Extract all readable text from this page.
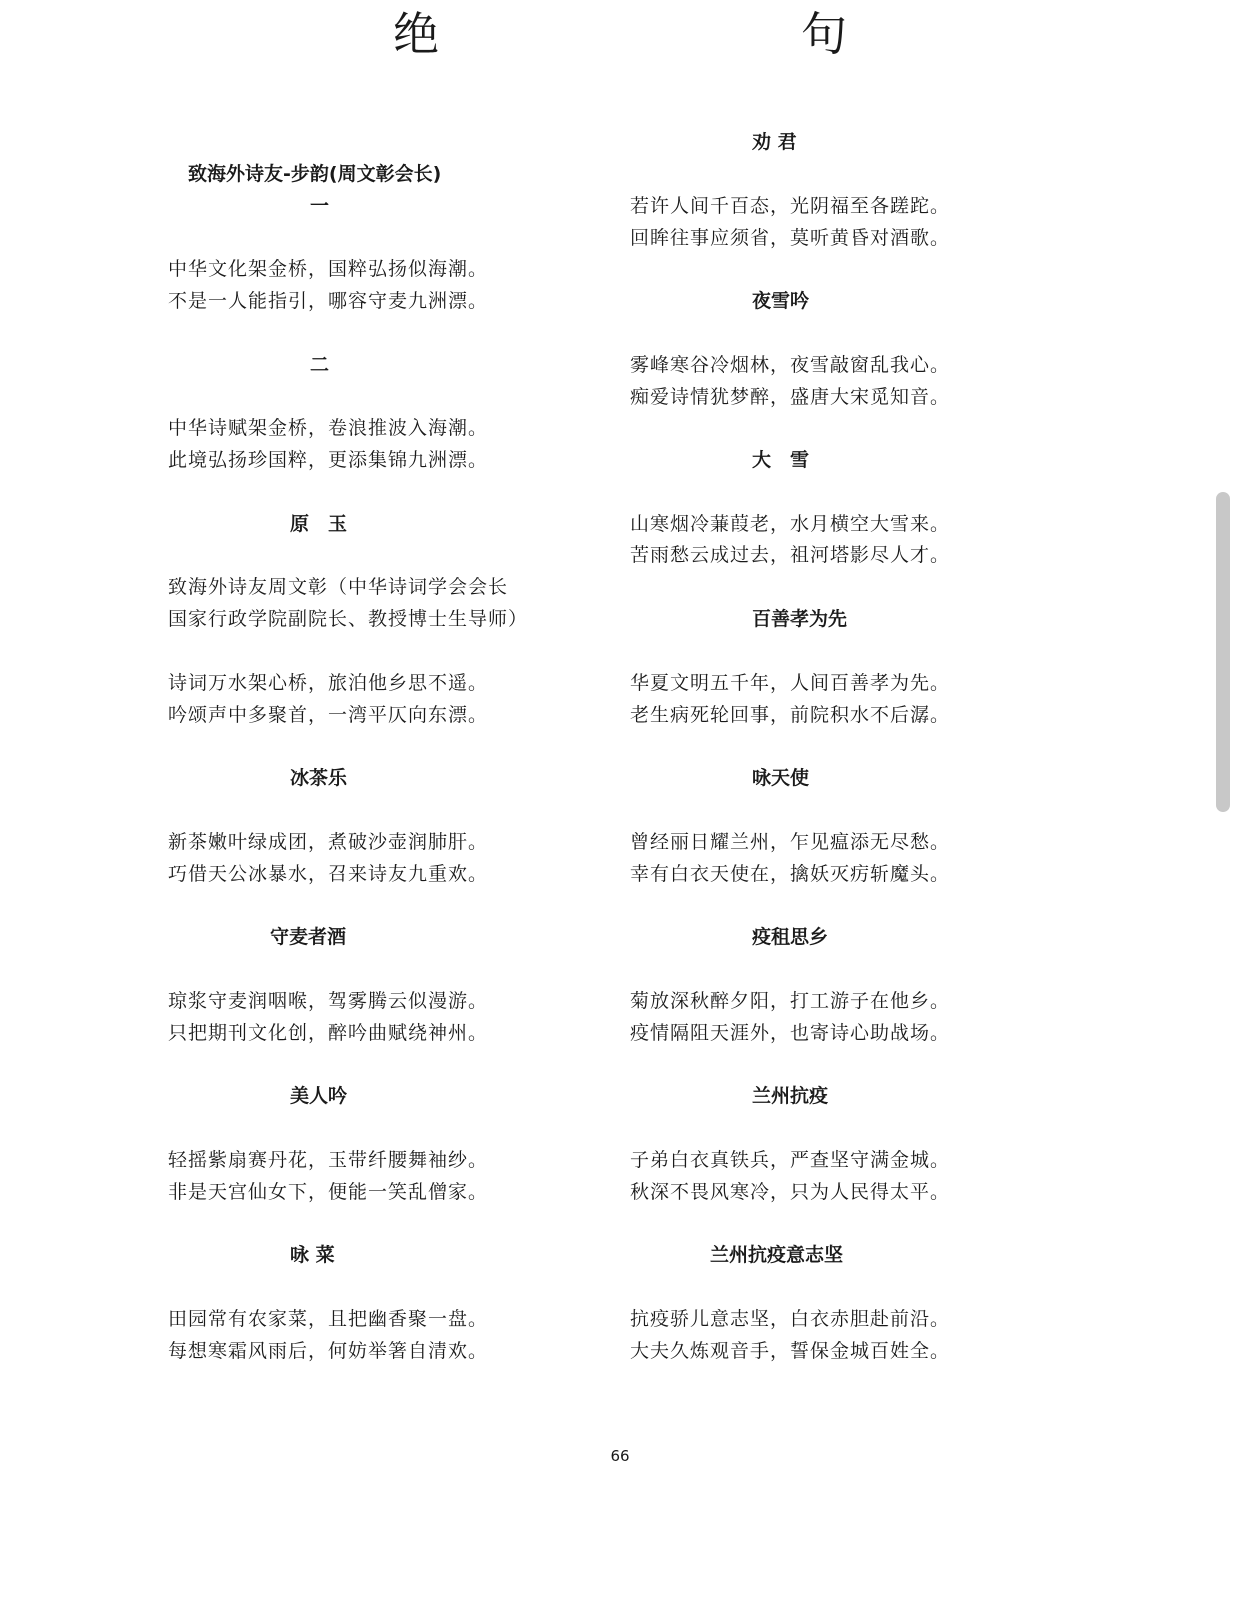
绝　　句
致海外诗友-步韵(周文彰会长)
一
中华文化架金桥，国粹弘扬似海潮。
不是一人能指引，哪容守麦九洲漂。
二
中华诗赋架金桥，卷浪推波入海潮。
此境弘扬珍国粹，更添集锦九洲漂。
原　玉
致海外诗友周文彰（中华诗词学会会长
国家行政学院副院长、教授博士生导师）
诗词万水架心桥，旅泊他乡思不遥。
吟颂声中多聚首，一湾平仄向东漂。
冰茶乐
新茶嫩叶绿成团，煮破沙壶润肺肝。
巧借天公冰暴水，召来诗友九重欢。
守麦者酒
琼浆守麦润咽喉，驾雾腾云似漫游。
只把期刊文化创，醉吟曲赋绕神州。
美人吟
轻摇紫扇赛丹花，玉带纤腰舞袖纱。
非是天宫仙女下，便能一笑乱僧家。
咏 菜
田园常有农家菜，且把幽香聚一盘。
每想寒霜风雨后，何妨举箸自清欢。
劝 君
若许人间千百态，光阴福至各蹉跎。
回眸往事应须省，莫听黄昏对酒歌。
夜雪吟
雾峰寒谷冷烟林，夜雪敲窗乱我心。
痴爱诗情犹梦醉，盛唐大宋觅知音。
大　雪
山寒烟冷蒹葭老，水月横空大雪来。
苦雨愁云成过去，祖河塔影尽人才。
百善孝为先
华夏文明五千年，人间百善孝为先。
老生病死轮回事，前院积水不后潺。
咏天使
曾经丽日耀兰州，乍见瘟添无尽愁。
幸有白衣天使在，擒妖灭疠斩魔头。
疫租思乡
菊放深秋醉夕阳，打工游子在他乡。
疫情隔阻天涯外，也寄诗心助战场。
兰州抗疫
子弟白衣真铁兵，严查坚守满金城。
秋深不畏风寒冷，只为人民得太平。
兰州抗疫意志坚
抗疫骄儿意志坚，白衣赤胆赴前沿。
大夫久炼观音手，誓保金城百姓全。
66
